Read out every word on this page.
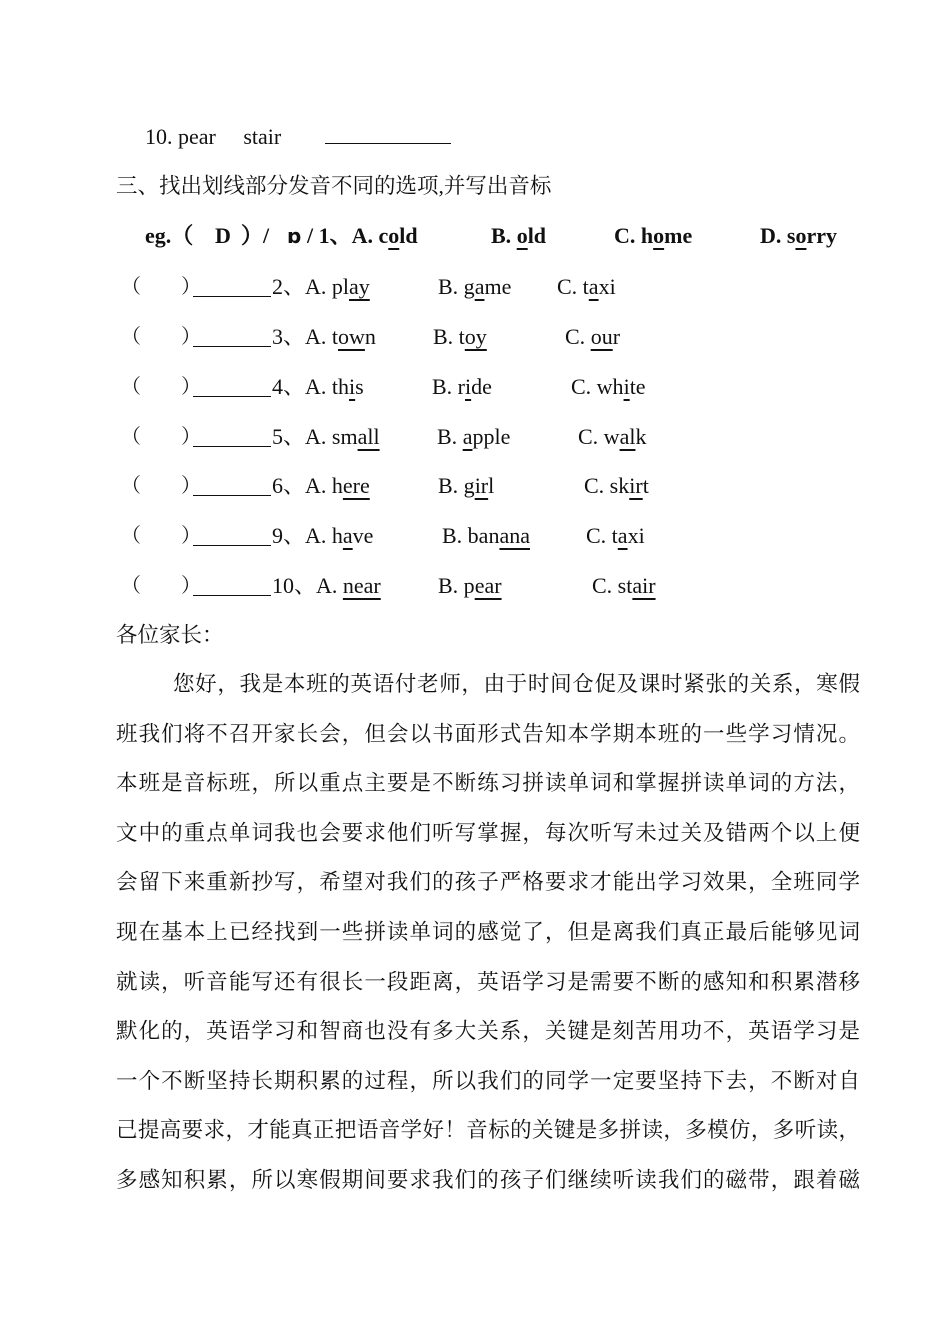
10. pear stair
三、找出划线部分发音不同的选项,并写出音标
eg.（ D ）/ ɒ / 1、A. cold	B. old	C. home	D. sorry
（　　）	2、A. play	B. game C. taxi
（　　）	3、A. town	B. toy	C. our
（　　）	4、A. this	B. ride	C. white
（　　）	5、A. small	B. apple	C. walk
（　　）	6、A. here	B. girl	C. skirt
（　　）	9、A. have	B. banana	C. taxi
（　　）	10、A. near	B. pear	C. stair
各位家长：
您好，我是本班的英语付老师，由于时间仓促及课时紧张的关系，寒假
班我们将不召开家长会，但会以书面形式告知本学期本班的一些学习情况。
本班是音标班，所以重点主要是不断练习拼读单词和掌握拼读单词的方法，
文中的重点单词我也会要求他们听写掌握，每次听写未过关及错两个以上便
会留下来重新抄写，希望对我们的孩子严格要求才能出学习效果，全班同学
现在基本上已经找到一些拼读单词的感觉了，但是离我们真正最后能够见词
就读，听音能写还有很长一段距离，英语学习是需要不断的感知和积累潜移
默化的，英语学习和智商也没有多大关系，关键是刻苦用功不，英语学习是
一个不断坚持长期积累的过程，所以我们的同学一定要坚持下去，不断对自
己提高要求，才能真正把语音学好！音标的关键是多拼读，多模仿，多听读，
多感知积累，所以寒假期间要求我们的孩子们继续听读我们的磁带，跟着磁
